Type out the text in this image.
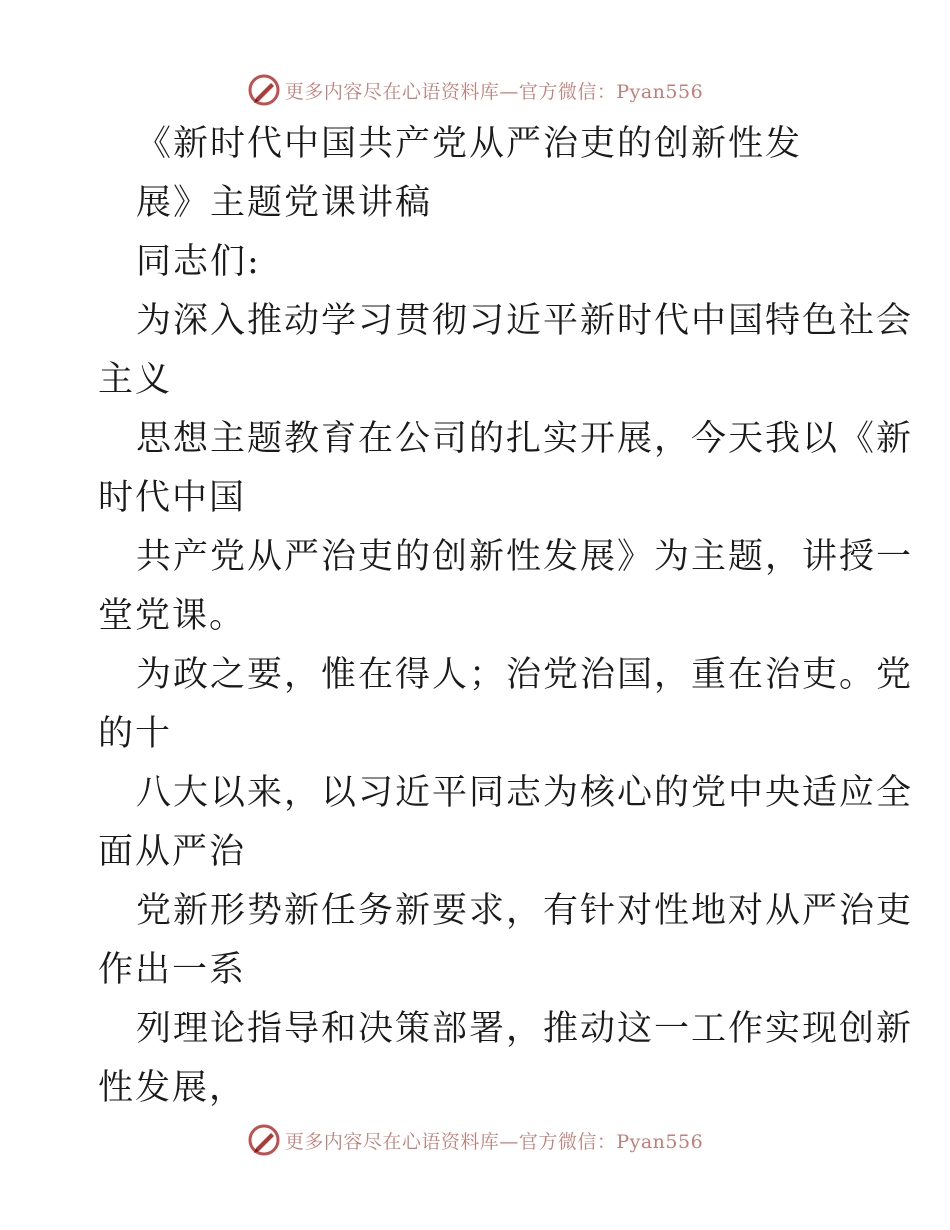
更多内容尽在心语资料库—官方微信：Pyan556
《新时代中国共产党从严治吏的创新性发
展》主题党课讲稿
同志们:
为深入推动学习贯彻习近平新时代中国特色社会
主义
思想主题教育在公司的扎实开展，今天我以《新
时代中国
共产党从严治吏的创新性发展》为主题，讲授一
堂党课。
为政之要，惟在得人；治党治国，重在治吏。党
的十
八大以来，以习近平同志为核心的党中央适应全
面从严治
党新形势新任务新要求，有针对性地对从严治吏
作出一系
列理论指导和决策部署，推动这一工作实现创新
性发展，
更多内容尽在心语资料库—官方微信：Pyan556
